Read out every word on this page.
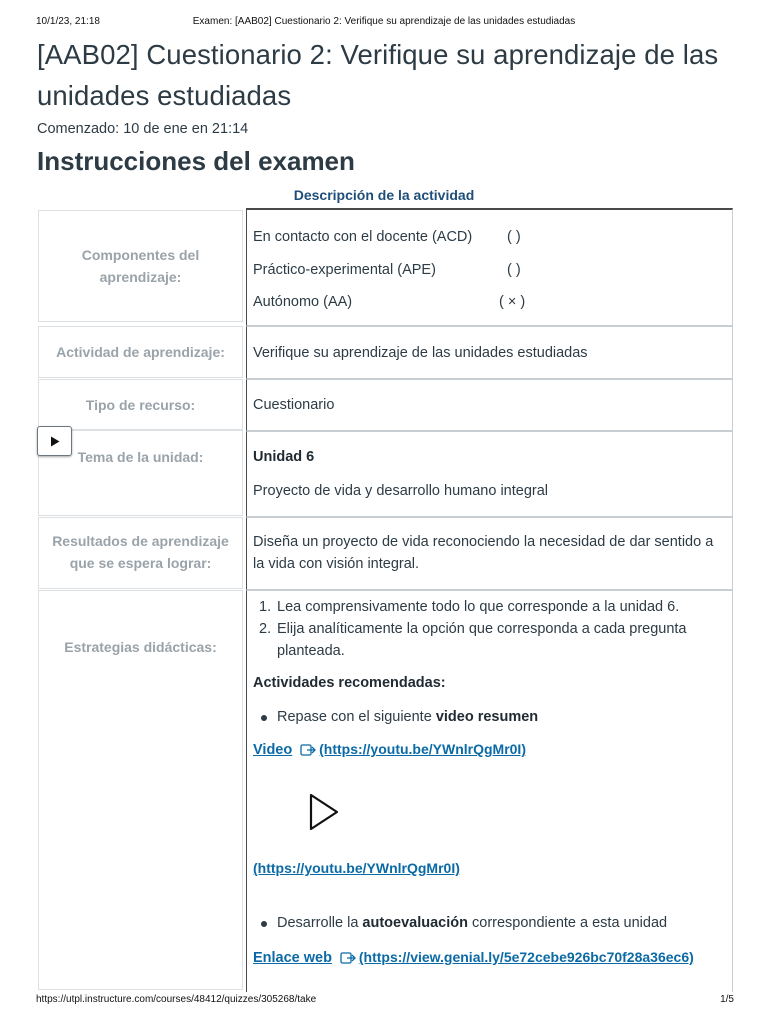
10/1/23, 21:18	Examen: [AAB02] Cuestionario 2: Verifique su aprendizaje de las unidades estudiadas
[AAB02] Cuestionario 2: Verifique su aprendizaje de las unidades estudiadas
Comenzado: 10 de ene en 21:14
Instrucciones del examen
Descripción de la actividad
Componentes del aprendizaje:
En contacto con el docente (ACD) ( )
Práctico-experimental (APE)	( )
Autónomo (AA)	( × )
Actividad de aprendizaje: Verifique su aprendizaje de las unidades estudiadas
Tipo de recurso:	Cuestionario
Tema de la unidad:	Unidad 6
Proyecto de vida y desarrollo humano integral
Resultados de aprendizaje que se espera lograr:
Diseña un proyecto de vida reconociendo la necesidad de dar sentido a la vida con visión integral.
Estrategias didácticas:
1. Lea comprensivamente todo lo que corresponde a la unidad 6.
2. Elija analíticamente la opción que corresponda a cada pregunta planteada.
Actividades recomendadas:
Repase con el siguiente video resumen
Video (https://youtu.be/YWnlrQgMr0I)
(https://youtu.be/YWnlrQgMr0I)
Desarrolle la autoevaluación correspondiente a esta unidad
Enlace web (https://view.genial.ly/5e72cebe926bc70f28a36ec6)
https://utpl.instructure.com/courses/48412/quizzes/305268/take	1/5
